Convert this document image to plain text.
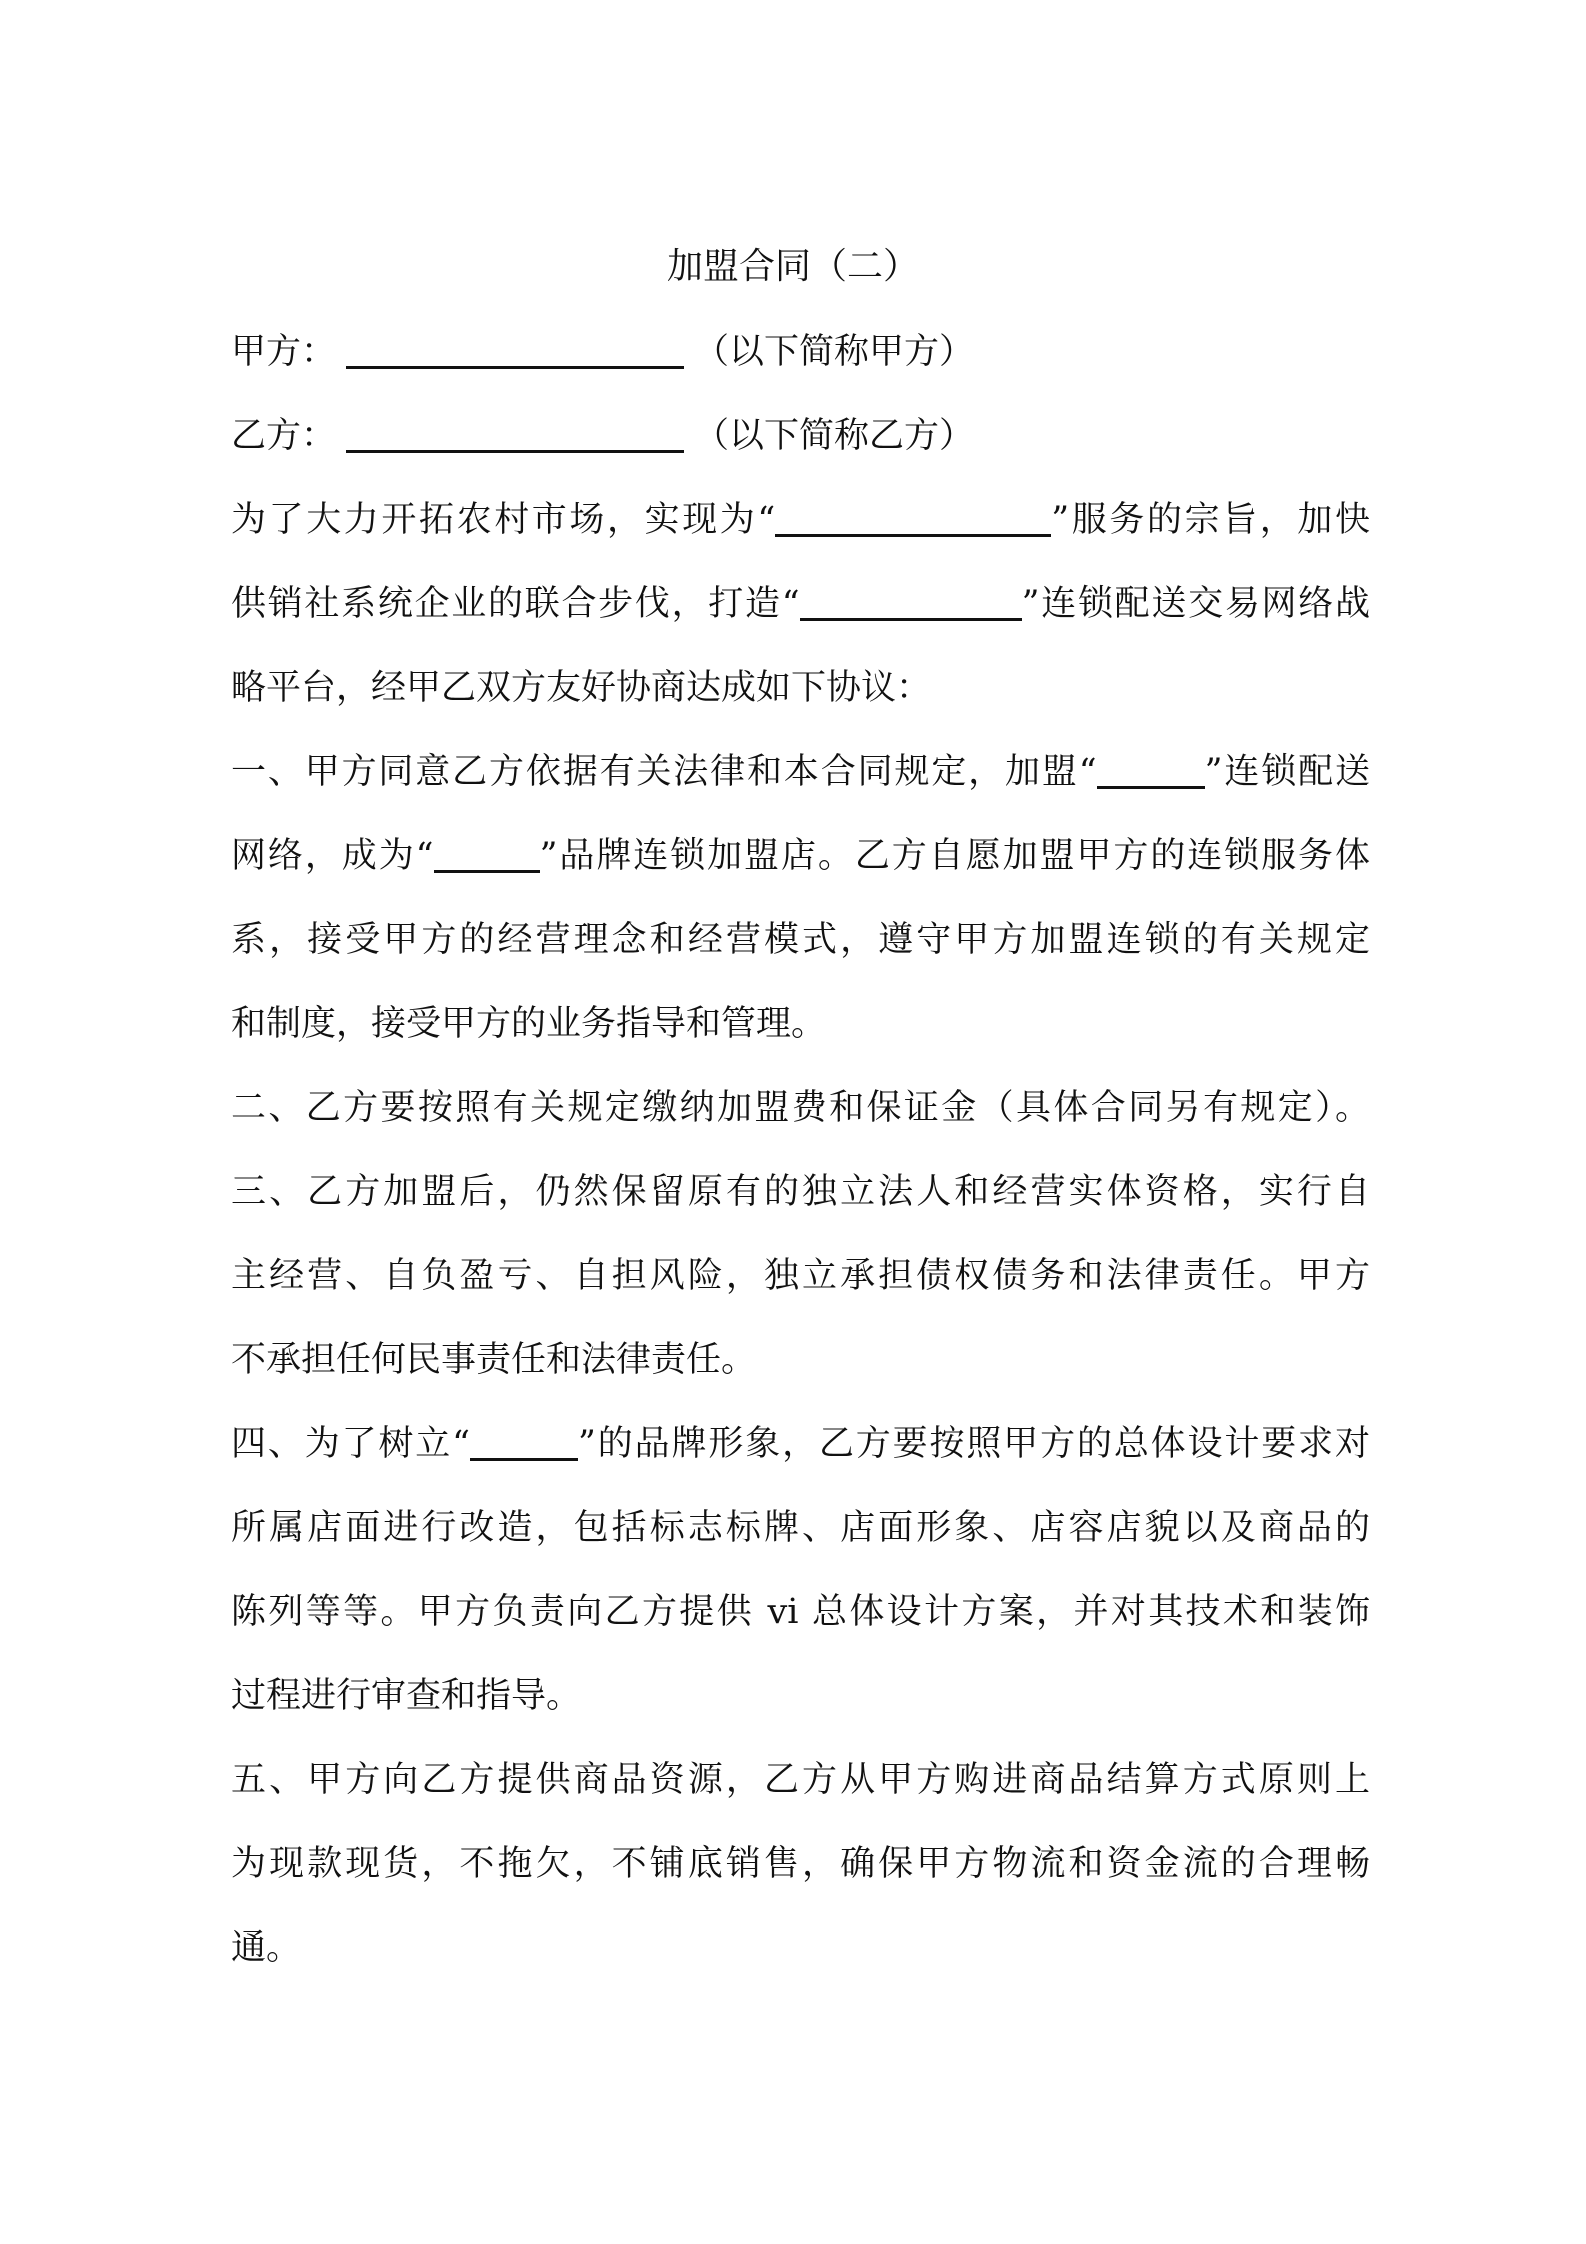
加盟合同（二）
甲方：	（以下简称甲方）
乙方：	（以下简称乙方）
为了大力开拓农村市场，实现为“	”服务的宗旨，加快
供销社系统企业的联合步伐，打造“	”连锁配送交易网络战
略平台，经甲乙双方友好协商达成如下协议：
一、甲方同意乙方依据有关法律和本合同规定，加盟“	”连锁配送
网络，成为“	”品牌连锁加盟店。乙方自愿加盟甲方的连锁服务体
系，接受甲方的经营理念和经营模式，遵守甲方加盟连锁的有关规定
和制度，接受甲方的业务指导和管理。
二、乙方要按照有关规定缴纳加盟费和保证金（具体合同另有规定）。
三、乙方加盟后，仍然保留原有的独立法人和经营实体资格，实行自
主经营、自负盈亏、自担风险，独立承担债权债务和法律责任。甲方
不承担任何民事责任和法律责任。
四、为了树立“	”的品牌形象，乙方要按照甲方的总体设计要求对
所属店面进行改造，包括标志标牌、店面形象、店容店貌以及商品的
陈列等等。甲方负责向乙方提供 vi 总体设计方案，并对其技术和装饰
过程进行审查和指导。
五、甲方向乙方提供商品资源，乙方从甲方购进商品结算方式原则上
为现款现货，不拖欠，不铺底销售，确保甲方物流和资金流的合理畅
通。
